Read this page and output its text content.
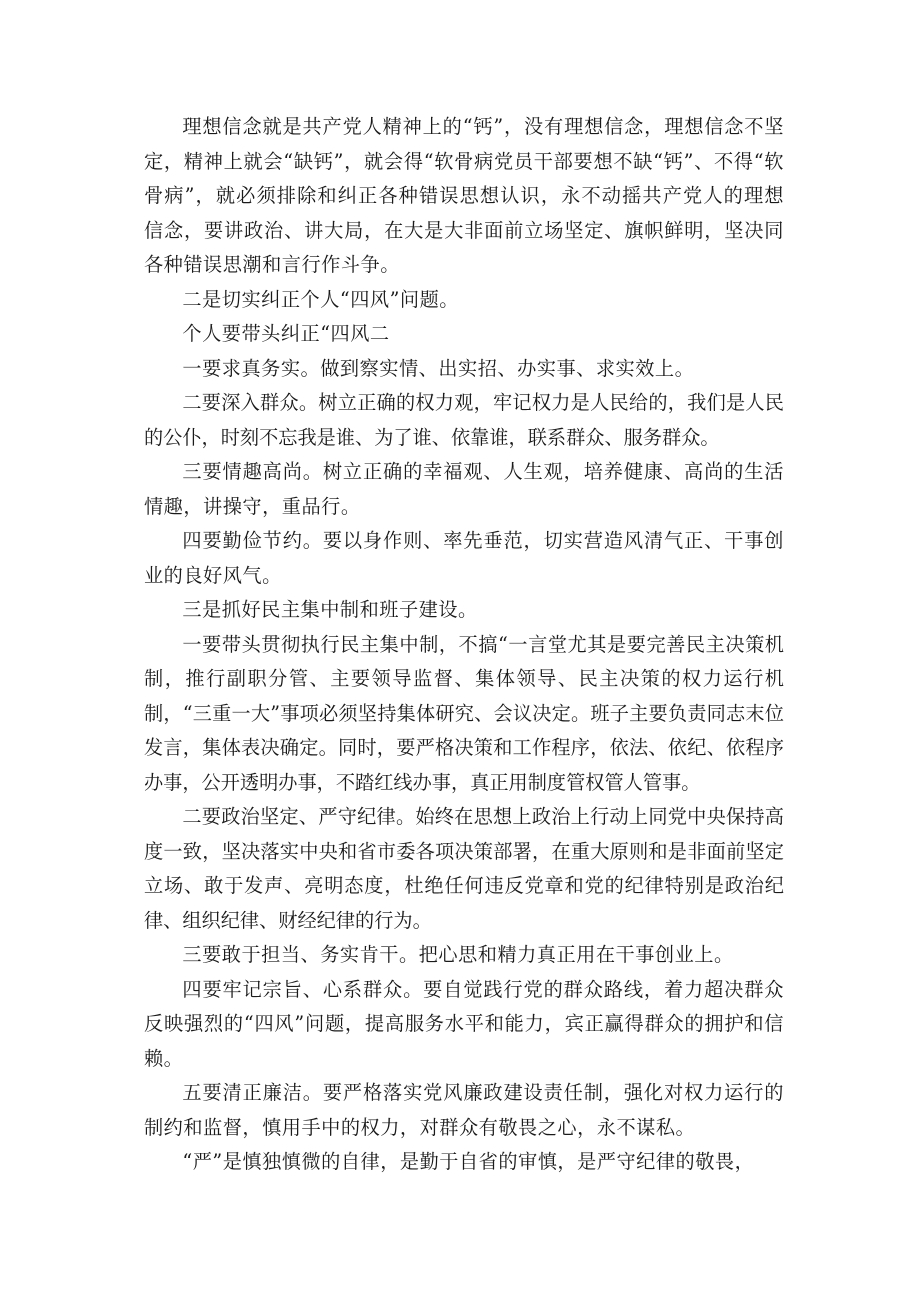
理想信念就是共产党人精神上的“钙”，没有理想信念，理想信念不坚定，精神上就会“缺钙”，就会得“软骨病党员干部要想不缺“钙”、不得“软骨病”，就必须排除和纠正各种错误思想认识，永不动摇共产党人的理想信念，要讲政治、讲大局，在大是大非面前立场坚定、旗帜鲜明，坚决同各种错误思潮和言行作斗争。

二是切实纠正个人“四风”问题。

个人要带头纠正“四风二

一要求真务实。做到察实情、出实招、办实事、求实效上。

二要深入群众。树立正确的权力观，牢记权力是人民给的，我们是人民的公仆，时刻不忘我是谁、为了谁、依靠谁，联系群众、服务群众。

三要情趣高尚。树立正确的幸福观、人生观，培养健康、高尚的生活情趣，讲操守，重品行。

四要勤俭节约。要以身作则、率先垂范，切实营造风清气正、干事创业的良好风气。

三是抓好民主集中制和班子建设。

一要带头贯彻执行民主集中制，不搞“一言堂尤其是要完善民主决策机制，推行副职分管、主要领导监督、集体领导、民主决策的权力运行机制，“三重一大”事项必须坚持集体研究、会议决定。班子主要负责同志末位发言，集体表决确定。同时，要严格决策和工作程序，依法、依纪、依程序办事，公开透明办事，不踏红线办事，真正用制度管权管人管事。

二要政治坚定、严守纪律。始终在思想上政治上行动上同党中央保持高度一致，坚决落实中央和省市委各项决策部署，在重大原则和是非面前坚定立场、敢于发声、亮明态度，杜绝任何违反党章和党的纪律特别是政治纪律、组织纪律、财经纪律的行为。

三要敢于担当、务实肯干。把心思和精力真正用在干事创业上。

四要牢记宗旨、心系群众。要自觉践行党的群众路线，着力超决群众反映强烈的“四风”问题，提高服务水平和能力，宾正赢得群众的拥护和信赖。

五要清正廉洁。要严格落实党风廉政建设责任制，强化对权力运行的制约和监督，慎用手中的权力，对群众有敬畏之心，永不谋私。

“严”是慎独慎微的自律，是勤于自省的审慎，是严守纪律的敬畏，
